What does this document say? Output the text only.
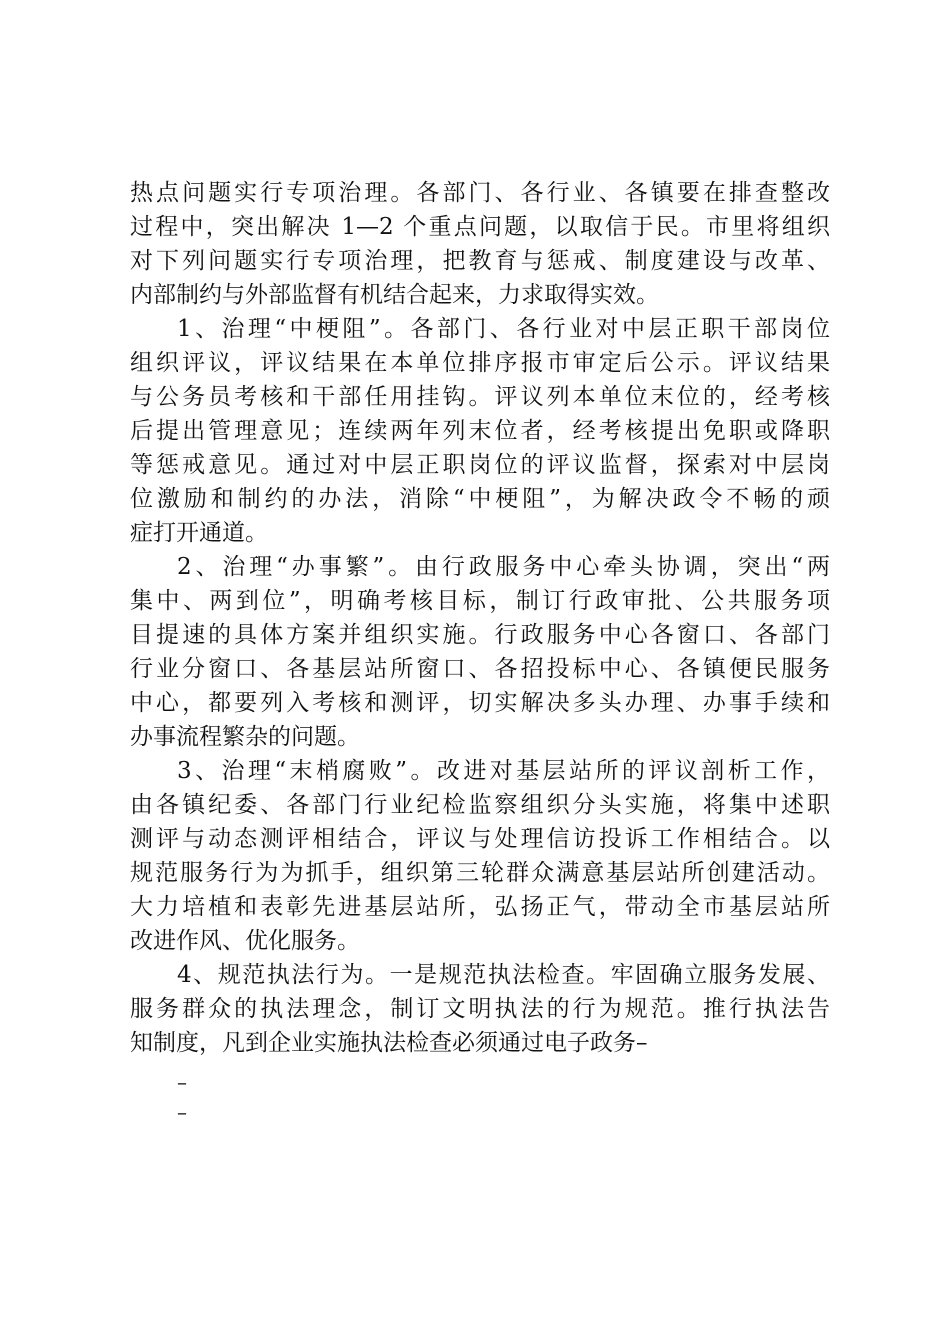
热点问题实行专项治理。各部门、各行业、各镇要在排查整改

过程中，突出解决 1—2 个重点问题，以取信于民。市里将组织

对下列问题实行专项治理，把教育与惩戒、制度建设与改革、

内部制约与外部监督有机结合起来，力求取得实效。

1、治理“中梗阻”。各部门、各行业对中层正职干部岗位

组织评议，评议结果在本单位排序报市审定后公示。评议结果

与公务员考核和干部任用挂钩。评议列本单位末位的，经考核

后提出管理意见；连续两年列末位者，经考核提出免职或降职

等惩戒意见。通过对中层正职岗位的评议监督，探索对中层岗

位激励和制约的办法，消除“中梗阻”，为解决政令不畅的顽

症打开通道。

2、治理“办事繁”。由行政服务中心牵头协调，突出“两

集中、两到位”，明确考核目标，制订行政审批、公共服务项

目提速的具体方案并组织实施。行政服务中心各窗口、各部门

行业分窗口、各基层站所窗口、各招投标中心、各镇便民服务

中心，都要列入考核和测评，切实解决多头办理、办事手续和

办事流程繁杂的问题。

3、治理“末梢腐败”。改进对基层站所的评议剖析工作，

由各镇纪委、各部门行业纪检监察组织分头实施，将集中述职

测评与动态测评相结合，评议与处理信访投诉工作相结合。以

规范服务行为为抓手，组织第三轮群众满意基层站所创建活动。

大力培植和表彰先进基层站所，弘扬正气，带动全市基层站所

改进作风、优化服务。

4、规范执法行为。一是规范执法检查。牢固确立服务发展、

服务群众的执法理念，制订文明执法的行为规范。推行执法告

知制度，凡到企业实施执法检查必须通过电子政务–

–
–
